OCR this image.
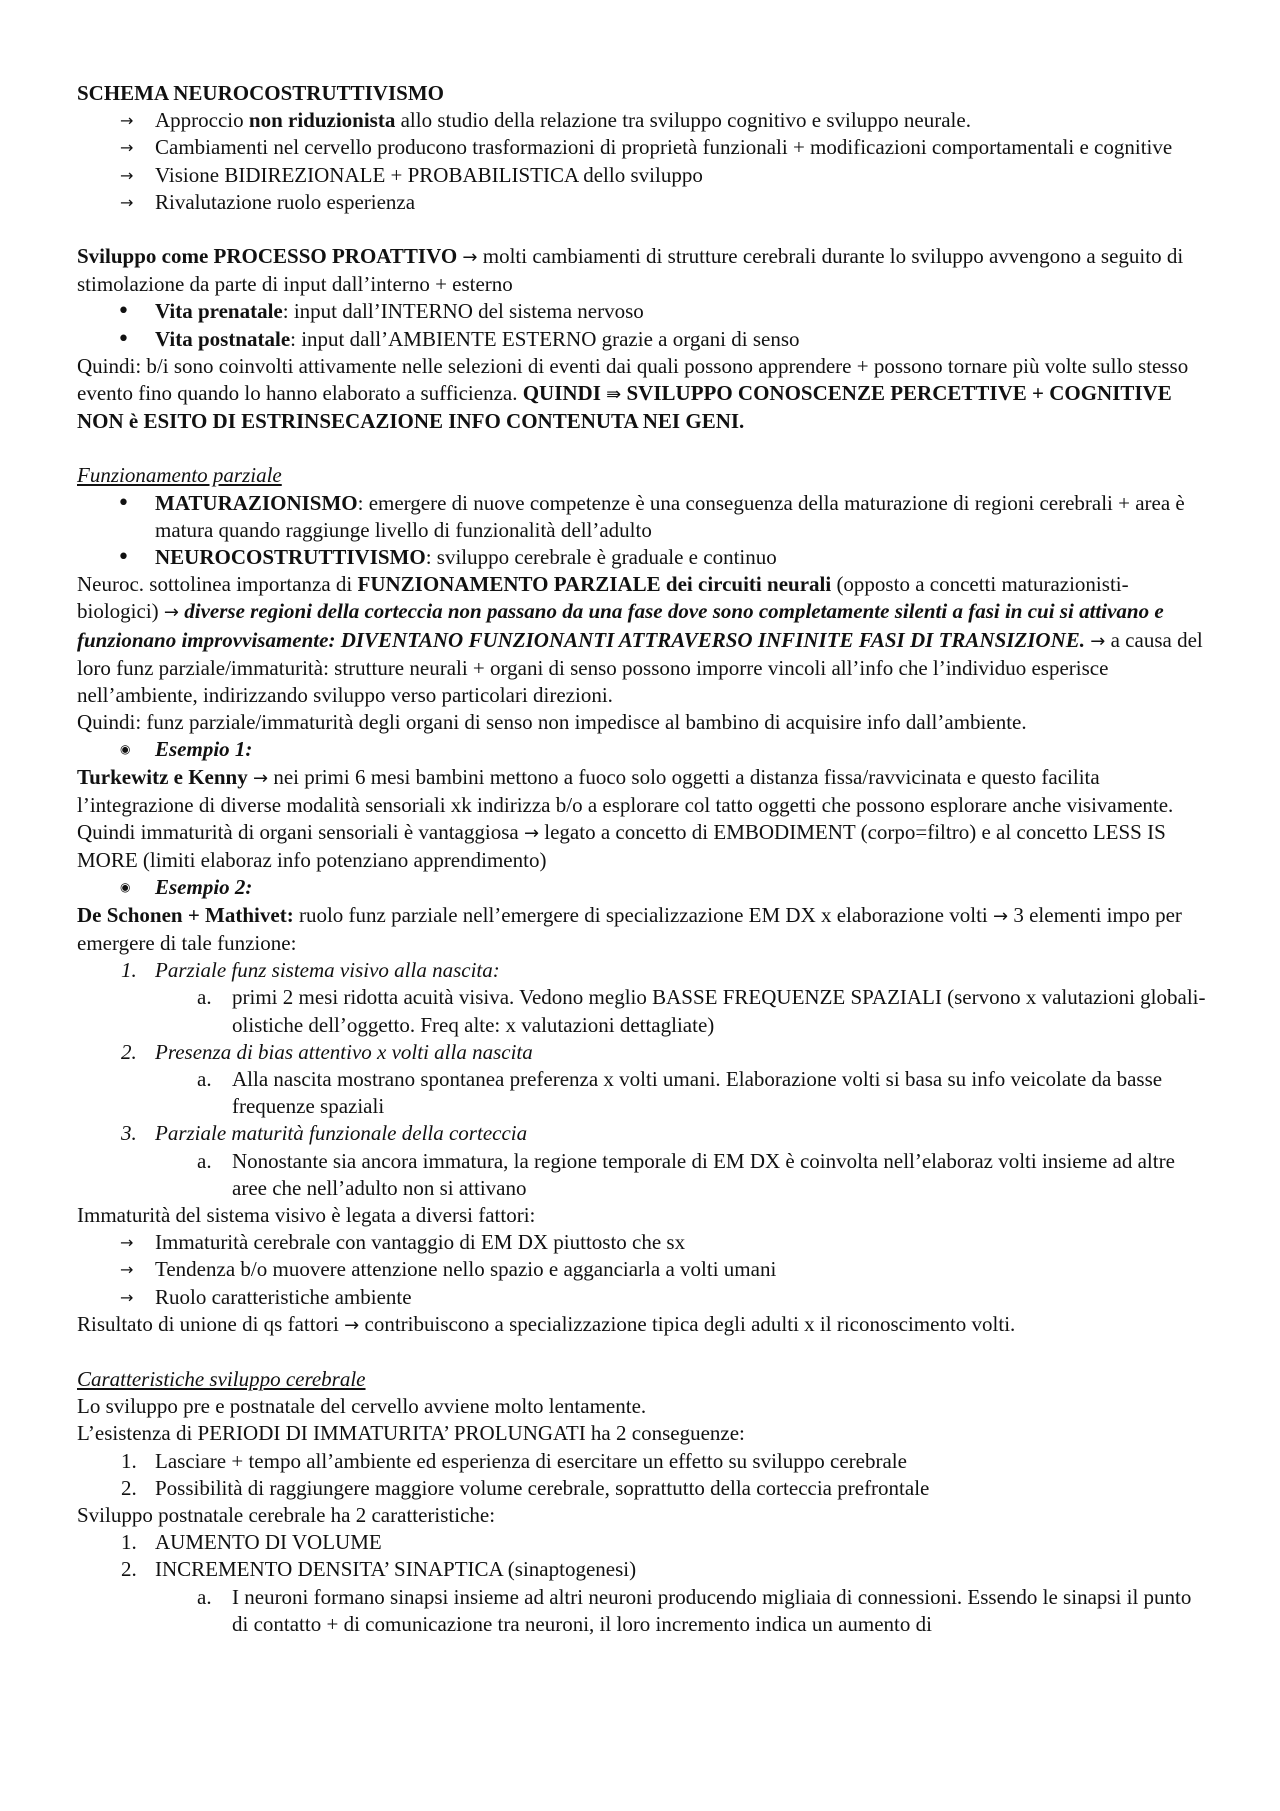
SCHEMA NEUROCOSTRUTTIVISMO

→ Approccio non riduzionista allo studio della relazione tra sviluppo cognitivo e sviluppo neurale.
→ Cambiamenti nel cervello producono trasformazioni di proprietà funzionali + modificazioni comportamentali e cognitive
→ Visione BIDIREZIONALE + PROBABILISTICA dello sviluppo
→ Rivalutazione ruolo esperienza

Sviluppo come PROCESSO PROATTIVO → molti cambiamenti di strutture cerebrali durante lo sviluppo avvengono a seguito di stimolazione da parte di input dall’interno + esterno

• Vita prenatale: input dall’INTERNO del sistema nervoso
• Vita postnatale: input dall’AMBIENTE ESTERNO grazie a organi di senso

Quindi: b/i sono coinvolti attivamente nelle selezioni di eventi dai quali possono apprendere + possono tornare più volte sullo stesso evento fino quando lo hanno elaborato a sufficienza. QUINDI ⇛ SVILUPPO CONOSCENZE PERCETTIVE + COGNITIVE NON è ESITO DI ESTRINSECAZIONE INFO CONTENUTA NEI GENI.

Funzionamento parziale

• MATURAZIONISMO: emergere di nuove competenze è una conseguenza della maturazione di regioni cerebrali + area è matura quando raggiunge livello di funzionalità dell’adulto
• NEUROCOSTRUTTIVISMO: sviluppo cerebrale è graduale e continuo

Neuroc. sottolinea importanza di FUNZIONAMENTO PARZIALE dei circuiti neurali (opposto a concetti maturazionisti-biologici) → diverse regioni della corteccia non passano da una fase dove sono completamente silenti a fasi in cui si attivano e funzionano improvvisamente: DIVENTANO FUNZIONANTI ATTRAVERSO INFINITE FASI DI TRANSIZIONE. → a causa del loro funz parziale/immaturità: strutture neurali + organi di senso possono imporre vincoli all’info che l’individuo esperisce nell’ambiente, indirizzando sviluppo verso particolari direzioni.

Quindi: funz parziale/immaturità degli organi di senso non impedisce al bambino di acquisire info dall’ambiente.

◉ Esempio 1:

Turkewitz e Kenny → nei primi 6 mesi bambini mettono a fuoco solo oggetti a distanza fissa/ravvicinata e questo facilita l’integrazione di diverse modalità sensoriali xk indirizza b/o a esplorare col tatto oggetti che possono esplorare anche visivamente. Quindi immaturità di organi sensoriali è vantaggiosa → legato a concetto di EMBODIMENT (corpo=filtro) e al concetto LESS IS MORE (limiti elaboraz info potenziano apprendimento)

◉ Esempio 2:

De Schonen + Mathivet: ruolo funz parziale nell’emergere di specializzazione EM DX x elaborazione volti → 3 elementi impo per emergere di tale funzione:

1. Parziale funz sistema visivo alla nascita:
a. primi 2 mesi ridotta acuità visiva. Vedono meglio BASSE FREQUENZE SPAZIALI (servono x valutazioni globali-olistiche dell’oggetto. Freq alte: x valutazioni dettagliate)
2. Presenza di bias attentivo x volti alla nascita
a. Alla nascita mostrano spontanea preferenza x volti umani. Elaborazione volti si basa su info veicolate da basse frequenze spaziali
3. Parziale maturità funzionale della corteccia
a. Nonostante sia ancora immatura, la regione temporale di EM DX è coinvolta nell’elaboraz volti insieme ad altre aree che nell’adulto non si attivano

Immaturità del sistema visivo è legata a diversi fattori:

→ Immaturità cerebrale con vantaggio di EM DX piuttosto che sx
→ Tendenza b/o muovere attenzione nello spazio e agganciarla a volti umani
→ Ruolo caratteristiche ambiente

Risultato di unione di qs fattori → contribuiscono a specializzazione tipica degli adulti x il riconoscimento volti.

Caratteristiche sviluppo cerebrale

Lo sviluppo pre e postnatale del cervello avviene molto lentamente.

L’esistenza di PERIODI DI IMMATURITA’ PROLUNGATI ha 2 conseguenze:

1. Lasciare + tempo all’ambiente ed esperienza di esercitare un effetto su sviluppo cerebrale
2. Possibilità di raggiungere maggiore volume cerebrale, soprattutto della corteccia prefrontale

Sviluppo postnatale cerebrale ha 2 caratteristiche:

1. AUMENTO DI VOLUME
2. INCREMENTO DENSITA’ SINAPTICA (sinaptogenesi)
a. I neuroni formano sinapsi insieme ad altri neuroni producendo migliaia di connessioni. Essendo le sinapsi il punto di contatto + di comunicazione tra neuroni, il loro incremento indica un aumento di
